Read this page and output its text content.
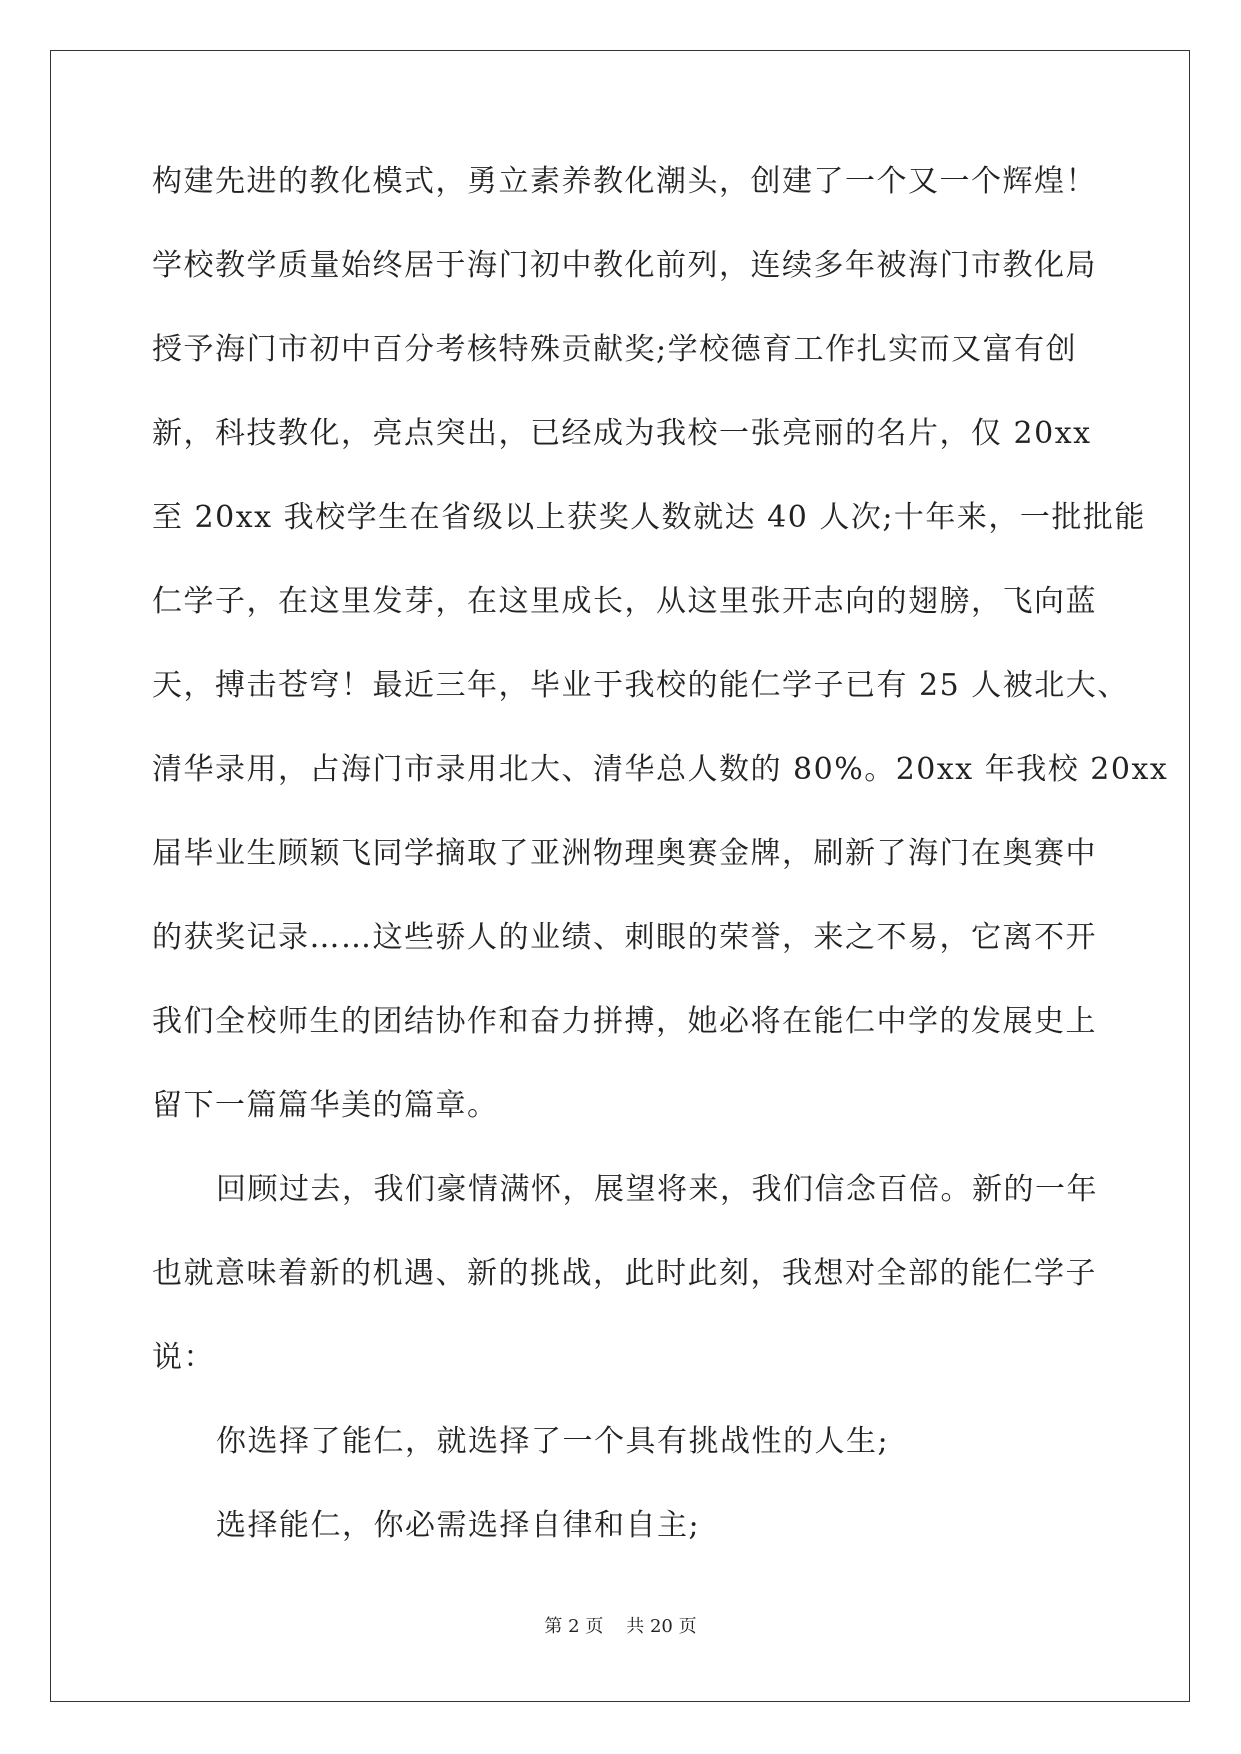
构建先进的教化模式，勇立素养教化潮头，创建了一个又一个辉煌！
学校教学质量始终居于海门初中教化前列，连续多年被海门市教化局
授予海门市初中百分考核特殊贡献奖;学校德育工作扎实而又富有创
新，科技教化，亮点突出，已经成为我校一张亮丽的名片，仅 20xx
至 20xx 我校学生在省级以上获奖人数就达 40 人次;十年来，一批批能
仁学子，在这里发芽，在这里成长，从这里张开志向的翅膀，飞向蓝
天，搏击苍穹！最近三年，毕业于我校的能仁学子已有 25 人被北大、
清华录用，占海门市录用北大、清华总人数的 80%。20xx 年我校 20xx
届毕业生顾颖飞同学摘取了亚洲物理奥赛金牌，刷新了海门在奥赛中
的获奖记录……这些骄人的业绩、刺眼的荣誉，来之不易，它离不开
我们全校师生的团结协作和奋力拼搏，她必将在能仁中学的发展史上
留下一篇篇华美的篇章。
回顾过去，我们豪情满怀，展望将来，我们信念百倍。新的一年
也就意味着新的机遇、新的挑战，此时此刻，我想对全部的能仁学子
说：
你选择了能仁，就选择了一个具有挑战性的人生;
选择能仁，你必需选择自律和自主;
第 2 页 共 20 页
